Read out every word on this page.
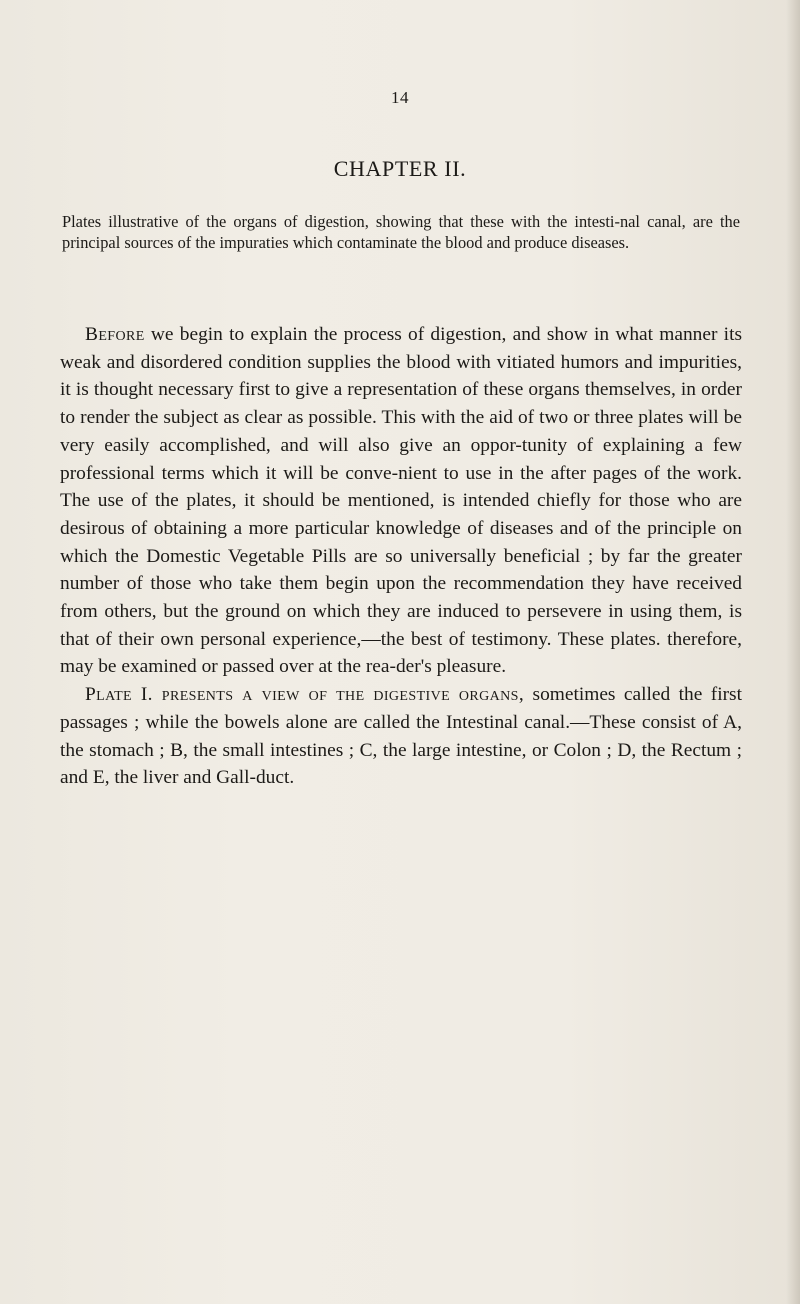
14
CHAPTER II.
Plates illustrative of the organs of digestion, showing that these with the intesti-nal canal, are the principal sources of the impuraties which contaminate the blood and produce diseases.

Before we begin to explain the process of digestion, and show in what manner its weak and disordered condition supplies the blood with vitiated humors and impurities, it is thought necessary first to give a representation of these organs themselves, in order to render the subject as clear as possible. This with the aid of two or three plates will be very easily accomplished, and will also give an oppor-tunity of explaining a few professional terms which it will be conve-nient to use in the after pages of the work. The use of the plates, it should be mentioned, is intended chiefly for those who are desirous of obtaining a more particular knowledge of diseases and of the principle on which the Domestic Vegetable Pills are so universally beneficial ; by far the greater number of those who take them begin upon the recommendation they have received from others, but the ground on which they are induced to persevere in using them, is that of their own personal experience,—the best of testimony. These plates. therefore, may be examined or passed over at the rea-der's pleasure.

Plate I. presents a view of the digestive organs, sometimes called the first passages ; while the bowels alone are called the Intestinal canal.—These consist of A, the stomach ; B, the small intestines ; C, the large intestine, or Colon ; D, the Rectum ; and E, the liver and Gall-duct.
